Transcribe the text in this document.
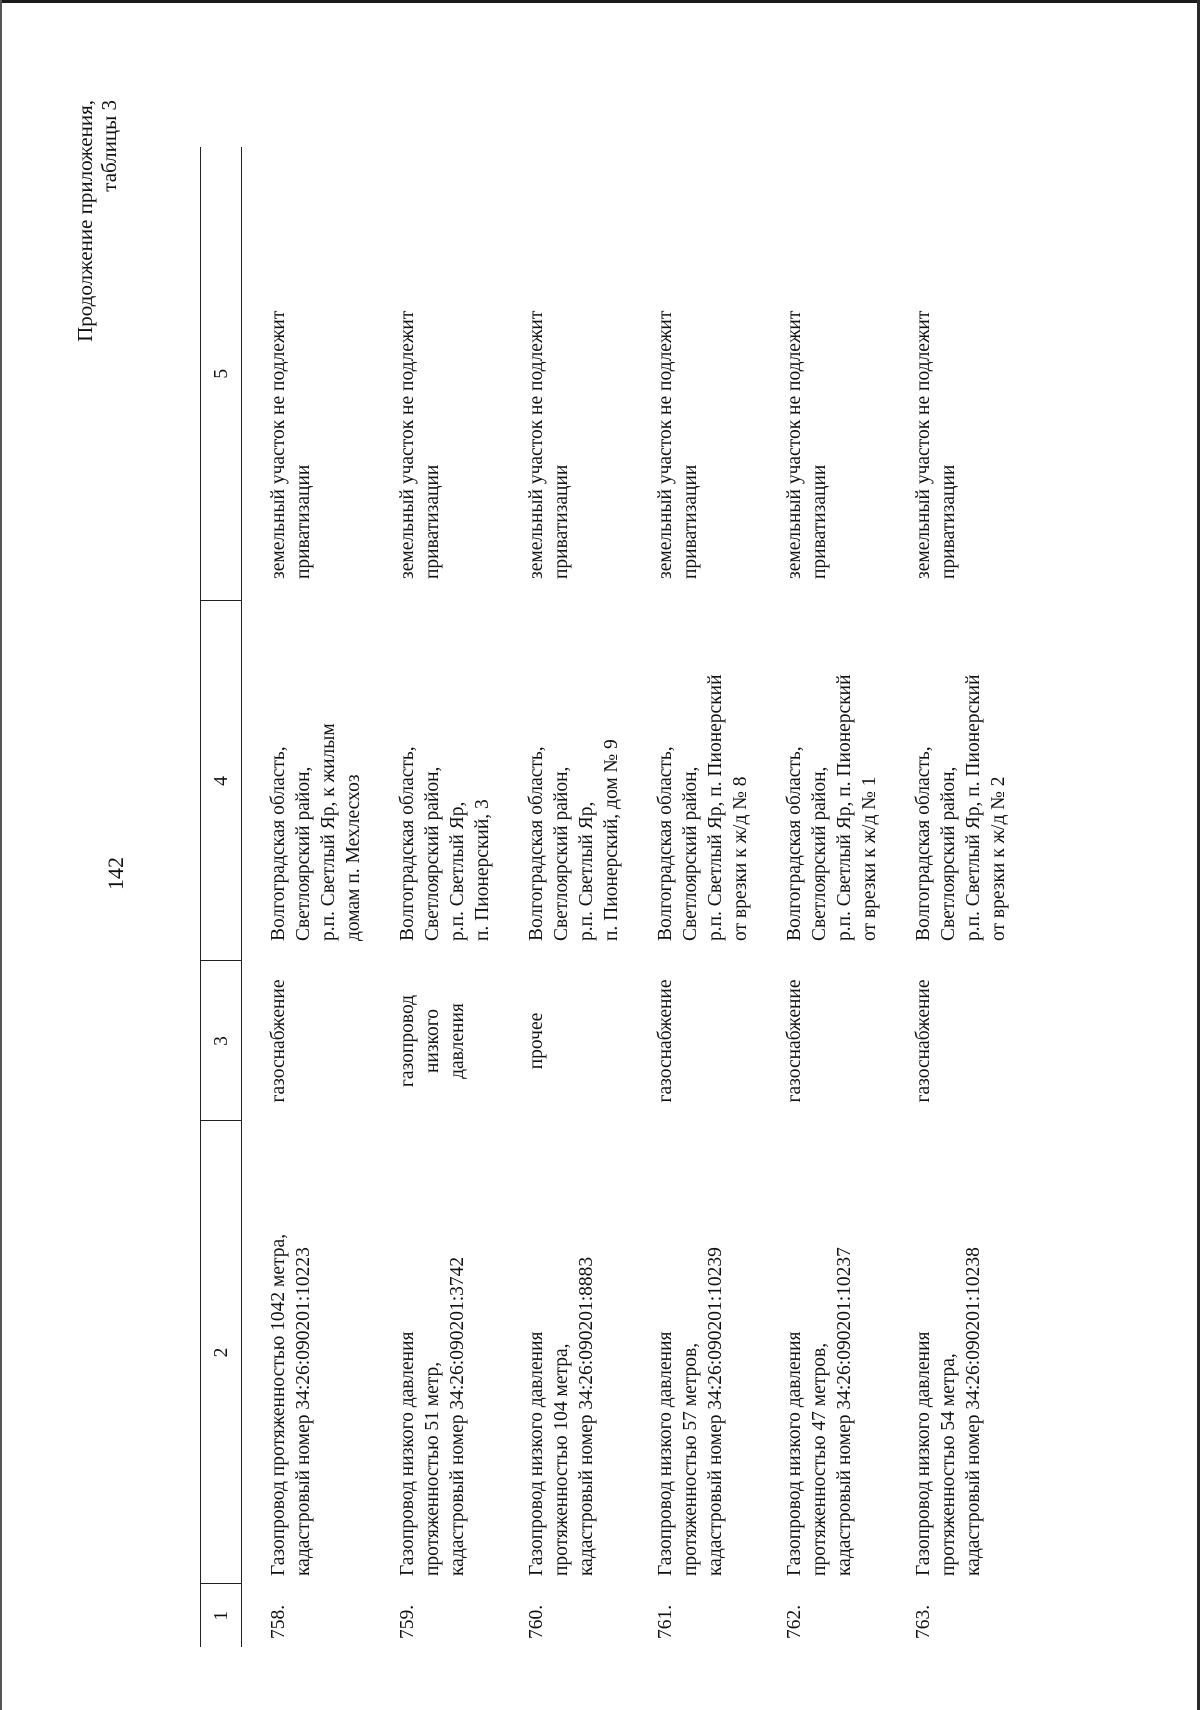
142
Продолжение приложения, таблицы 3
1	2	3	4	5

758.	Газопровод протяженностью 1042 метра, кадастровый номер 34:26:090201:10223	газоснабжение	Волгоградская область, Светлоярский район, р.п. Светлый Яр, к жилым домам п. Мехлесхоз	земельный участок не подлежит приватизации

759.	Газопровод низкого давления протяженностью 51 метр, кадастровый номер 34:26:090201:3742	газопровод низкого давления	Волгоградская область, Светлоярский район, р.п. Светлый Яр, п. Пионерский, 3	земельный участок не подлежит приватизации

760.	Газопровод низкого давления протяженностью 104 метра, кадастровый номер 34:26:090201:8883	прочее	Волгоградская область, Светлоярский район, р.п. Светлый Яр, п. Пионерский, дом № 9	земельный участок не подлежит приватизации

761.	Газопровод низкого давления протяженностью 57 метров, кадастровый номер 34:26:090201:10239	газоснабжение	Волгоградская область, Светлоярский район, р.п. Светлый Яр, п. Пионерский от врезки к ж/д № 8	земельный участок не подлежит приватизации

762.	Газопровод низкого давления протяженностью 47 метров, кадастровый номер 34:26:090201:10237	газоснабжение	Волгоградская область, Светлоярский район, р.п. Светлый Яр, п. Пионерский от врезки к ж/д № 1	земельный участок не подлежит приватизации

763.	Газопровод низкого давления протяженностью 54 метра, кадастровый номер 34:26:090201:10238	газоснабжение	Волгоградская область, Светлоярский район, р.п. Светлый Яр, п. Пионерский от врезки к ж/д № 2	земельный участок не подлежит приватизации
